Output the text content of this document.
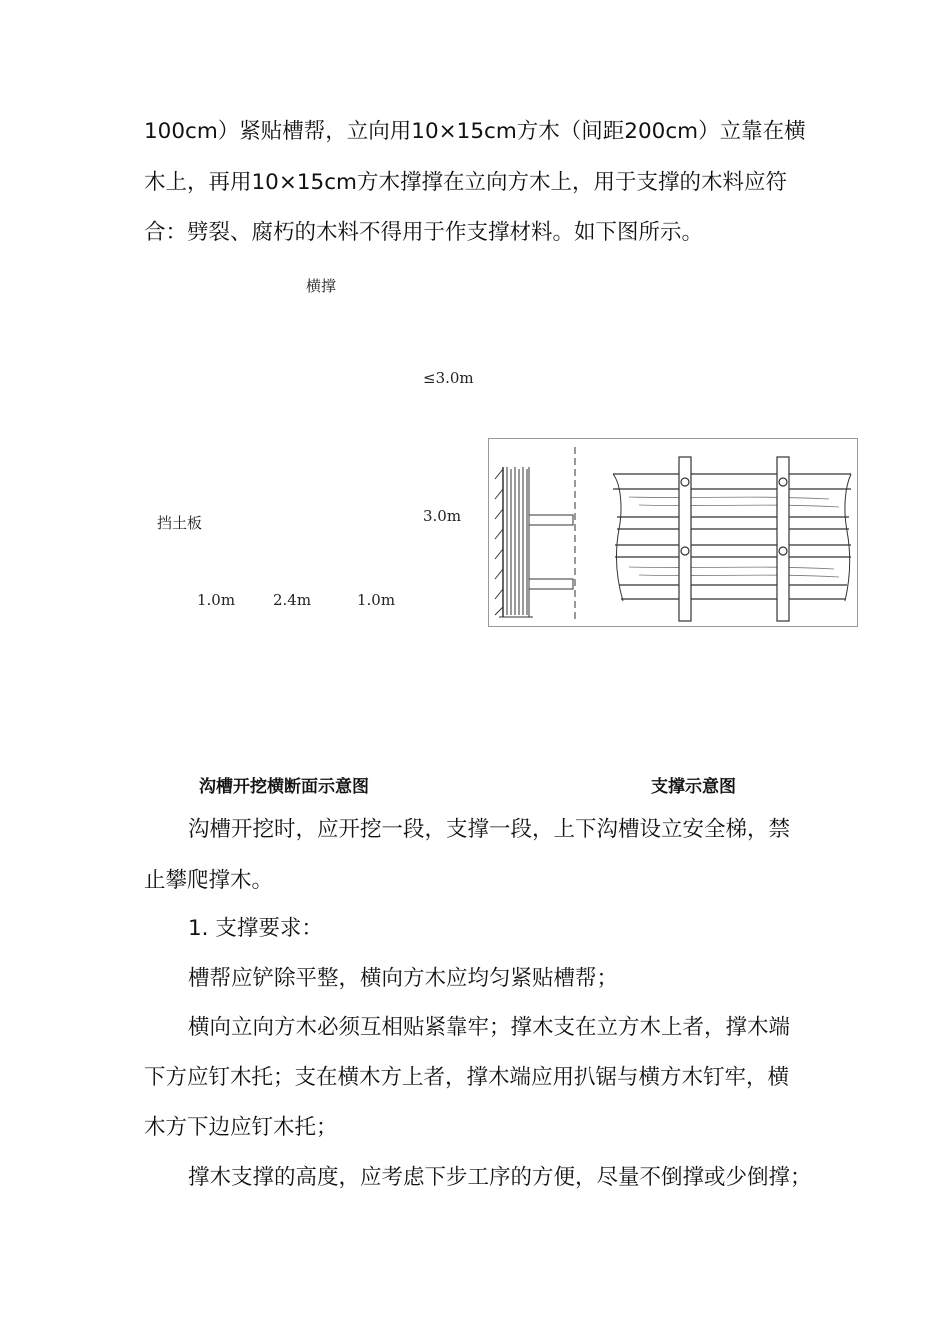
100cm）紧贴槽帮，立向用10×15cm方木（间距200cm）立靠在横
木上，再用10×15cm方木撑撑在立向方木上，用于支撑的木料应符
合：劈裂、腐朽的木料不得用于作支撑材料。如下图所示。
横撑
≤3.0m
挡土板	3.0m
1.0m	2.4m	1.0m
沟槽开挖横断面示意图	支撑示意图
沟槽开挖时，应开挖一段，支撑一段，上下沟槽设立安全梯，禁
止攀爬撑木。
1. 支撑要求：
槽帮应铲除平整，横向方木应均匀紧贴槽帮；
横向立向方木必须互相贴紧靠牢；撑木支在立方木上者，撑木端
下方应钉木托；支在横木方上者，撑木端应用扒锯与横方木钉牢，横
木方下边应钉木托；
撑木支撑的高度，应考虑下步工序的方便，尽量不倒撑或少倒撑；
